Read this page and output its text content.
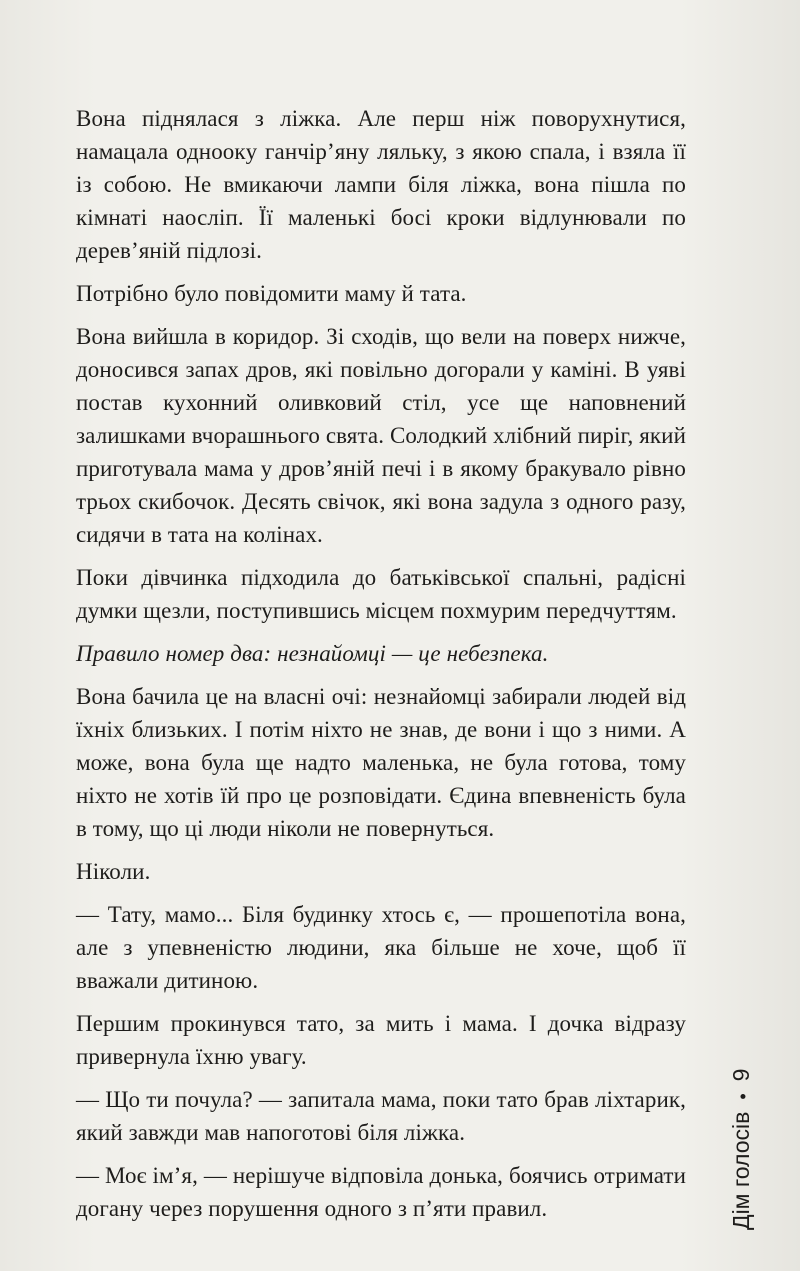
Вона піднялася з ліжка. Але перш ніж поворухнутися, намацала одноокy ганчір’яну ляльку, з якою спала, і взяла її із собою. Не вмикаючи лампи біля ліжка, вона пішла по кімнаті наосліп. Її маленькі босі кроки відлунювали по дерев’яній підлозі.

Потрібно було повідомити маму й тата.

Вона вийшла в коридор. Зі сходів, що вели на поверх нижче, доносився запах дров, які повільно догорали у каміні. В уяві постав кухонний оливковий стіл, усе ще наповнений залишками вчорашнього свята. Солодкий хлібний пиріг, який приготувала мама у дров’яній печі і в якому бракувало рівно трьох скибочок. Десять свічок, які вона задула з одного разу, сидячи в тата на колінах.

Поки дівчинка підходила до батьківської спальні, радісні думки щезли, поступившись місцем похмурим передчуттям.

Правило номер два: незнайомці — це небезпека.

Вона бачила це на власні очі: незнайомці забирали людей від їхніх близьких. І потім ніхто не знав, де вони і що з ними. А може, вона була ще надто маленька, не була готова, тому ніхто не хотів їй про це розповідати. Єдина впевненість була в тому, що ці люди ніколи не повернуться.

Ніколи.

— Тату, мамо... Біля будинку хтось є, — прошепотіла вона, але з упевненістю людини, яка більше не хоче, щоб її вважали дитиною.

Першим прокинувся тато, за мить і мама. І дочка відразу привернула їхню увагу.

— Що ти почула? — запитала мама, поки тато брав ліхтарик, який завжди мав напоготові біля ліжка.

— Моє ім’я, — нерішуче відповіла донька, боячись отримати догану через порушення одного з п’яти правил.	Дім голосів•9
